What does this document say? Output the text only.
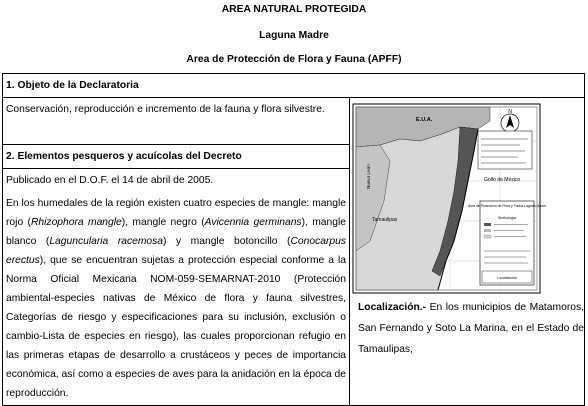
AREA NATURAL PROTEGIDA
Laguna Madre
Area de Protección de Flora y Fauna (APFF)
1. Objeto de la Declaratoria
Conservación, reproducción e incremento de la fauna y flora silvestre.	N
Area de Protección de Flora y Fauna Laguna Madre
Simbología
Localización
E.U.A.
Nuevo León
Tamaulipas
Golfo de México

2. Elementos pesqueros y acuícolas del Decreto

Publicado en el D.O.F. el 14 de abril de 2005.
En los humedales de la región existen cuatro especies de mangle: mangle rojo (Rhizophora mangle), mangle negro (Avicennia germinans), mangle blanco (Laguncularia racemosa) y mangle botoncillo (Conocarpus erectus), que se encuentran sujetas a protección especial conforme a la Norma Oficial Mexicana NOM-059-SEMARNAT-2010 (Protección ambiental-especies nativas de México de flora y fauna silvestres, Categorías de riesgo y especificaciones para su inclusión, exclusión o cambio-Lista de especies en riesgo), las cuales proporcionan refugio en las primeras etapas de desarrollo a crustáceos y peces de importancia económica, así como a especies de aves para la anidación en la época de reproducción.

Localización.- En los municipios de Matamoros, San Fernando y Soto La Marina, en el Estado de Tamaulipas,
